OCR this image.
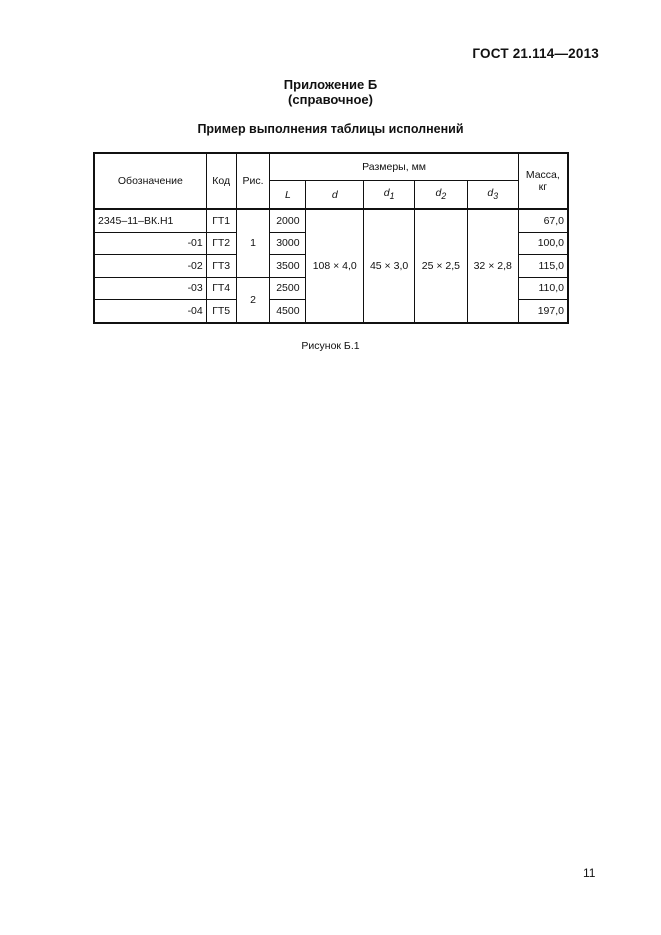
ГОСТ 21.114—2013
Приложение Б
(справочное)
Пример выполнения таблицы исполнений
Обозначение	Код	Рис.	Размеры, мм					Масса,
кг

			L	d	$d_1$	$d_2$	$d_3$
2345–11–ВК.Н1	ГТ1	1	2000	108 × 4,0	45 × 3,0	25 × 2,5	32 × 2,8	67,0
-01	ГТ2		3000					100,0
-02	ГТ3		3500					115,0
-03	ГТ4	2	2500					110,0
-04	ГТ5		4500					197,0
Рисунок Б.1
11
